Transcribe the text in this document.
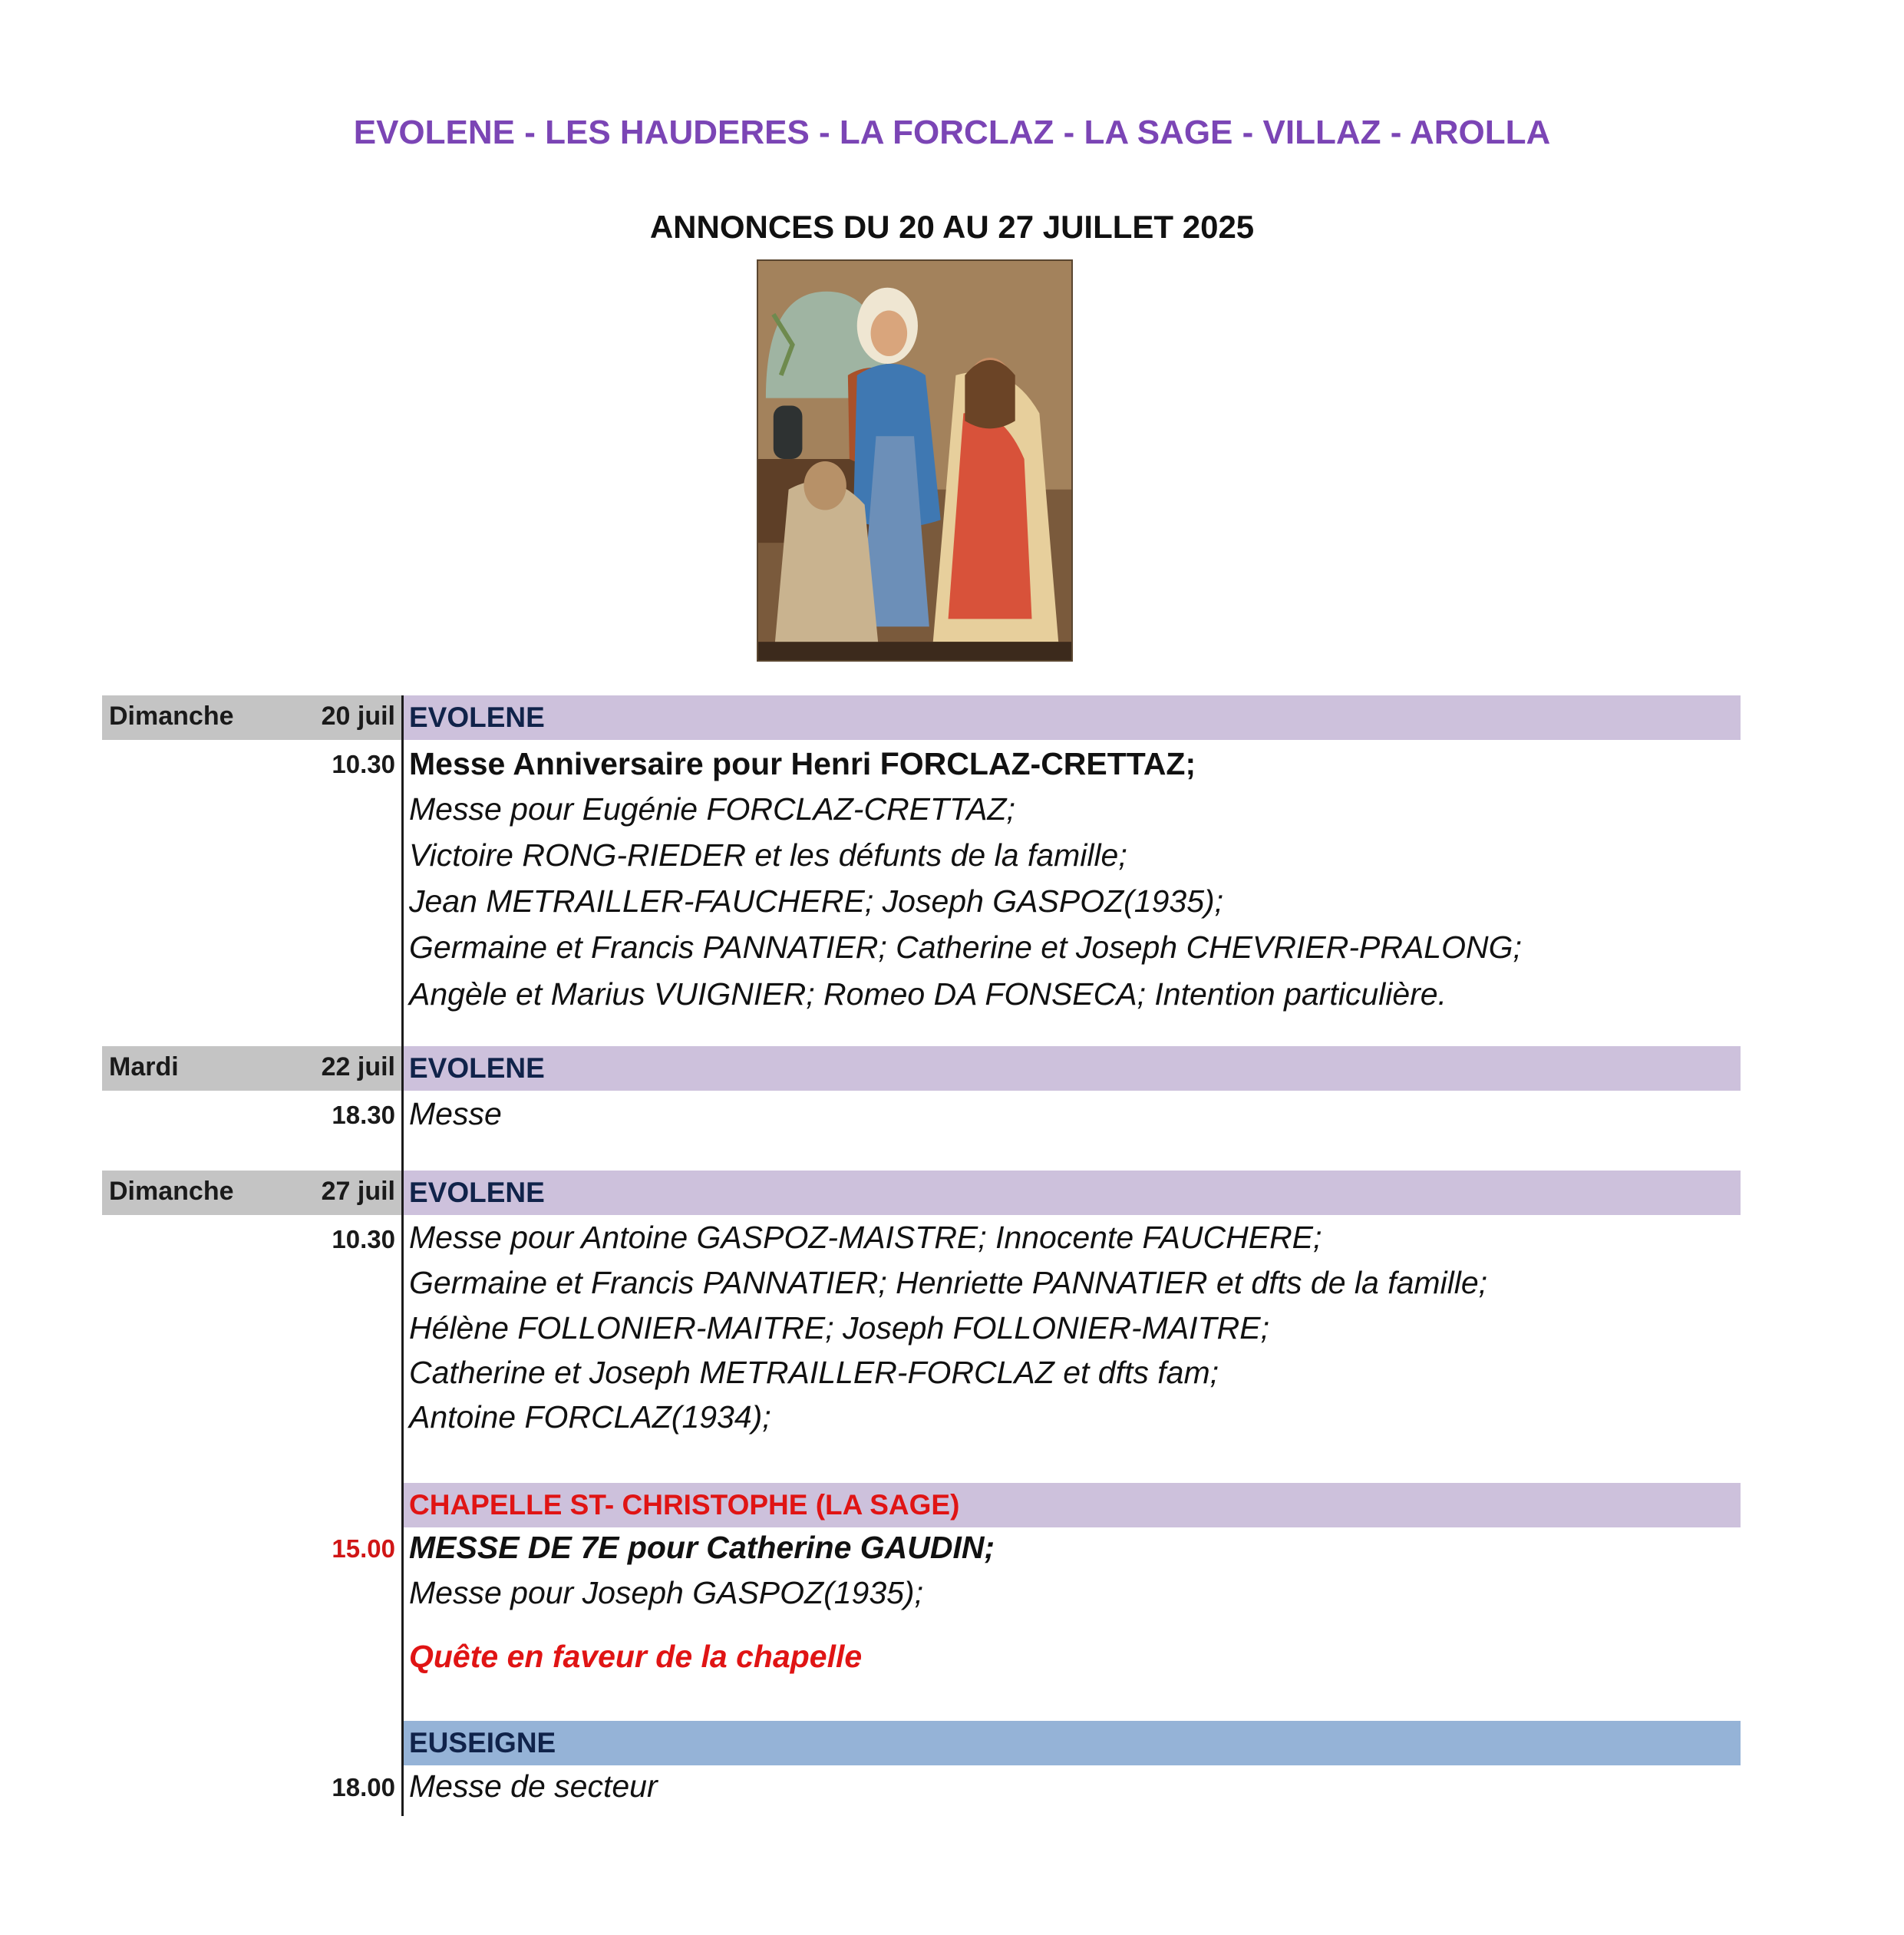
EVOLENE - LES HAUDERES - LA FORCLAZ - LA SAGE - VILLAZ - AROLLA
ANNONCES DU 20 AU 27 JUILLET 2025
Dimanche	20 juil EVOLENE
10.30 Messe Anniversaire pour Henri FORCLAZ-CRETTAZ;
Messe pour Eugénie FORCLAZ-CRETTAZ;
Victoire RONG-RIEDER et les défunts de la famille;
Jean METRAILLER-FAUCHERE; Joseph GASPOZ(1935);
Germaine et Francis PANNATIER; Catherine et Joseph CHEVRIER-PRALONG;
Angèle et Marius VUIGNIER; Romeo DA FONSECA; Intention particulière.
Mardi	22 juil EVOLENE
18.30 Messe
Dimanche	27 juil EVOLENE
10.30 Messe pour Antoine GASPOZ-MAISTRE; Innocente FAUCHERE;
Germaine et Francis PANNATIER; Henriette PANNATIER et dfts de la famille;
Hélène FOLLONIER-MAITRE; Joseph FOLLONIER-MAITRE;
Catherine et Joseph METRAILLER-FORCLAZ et dfts fam;
Antoine FORCLAZ(1934);
CHAPELLE ST- CHRISTOPHE (LA SAGE)
15.00 MESSE DE 7E pour Catherine GAUDIN;
Messe pour Joseph GASPOZ(1935);
Quête en faveur de la chapelle
EUSEIGNE
18.00 Messe de secteur
